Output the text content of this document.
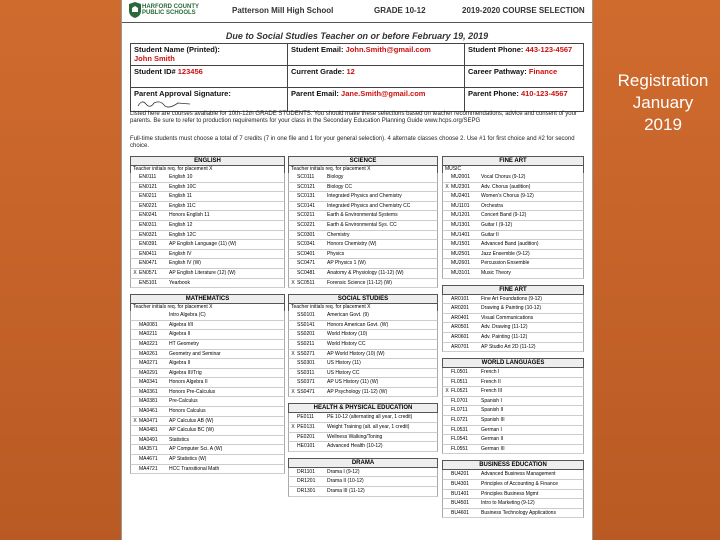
HARFORD COUNTY
PUBLIC SCHOOLS	Patterson Mill High School	GRADE 10-12	2019-2020 COURSE SELECTION
Due to Social Studies Teacher on or before February 19, 2019
Student Name (Printed):
John Smith	Student Email: John.Smith@gmail.com	Student Phone: 443-123-4567
Student ID# 123456	Current Grade: 12	Career Pathway: Finance

Parent Approval Signature:	Parent Email: Jane.Smith@gmail.com	Parent Phone: 410-123-4567
Listed here are courses available for 10th-12th GRADE STUDENTS. You should make these selections based on teacher recommendations, advice and consent of your parents. Be sure to refer to production requirements for your class in the Secondary Education Planning Guide www.hcps.org/SEPG
Full-time students must choose a total of 7 credits (7 in one file and 1 for your general selection). 4 alternate classes choose 2. Use #1 for first choice and #2 for second choice.
ENGLISH
Teacher initials req. for placement X
EN0111	English 10
EN0121	English 10C
EN0211	English 11
EN0221	English 11C
EN0241	Honors English 11
EN0311	English 12
EN0321	English 12C
EN0391	AP English Language (11) (W)
EN0411	English IV
EN0471	English IV (W)
X EN0571	AP English Literature (12) (W)
EN5101	Yearbook
MATHEMATICS
Teacher initials req. for placement X
Intro Algebra (C)
MA0081	Algebra I/II
MA0211	Algebra II
MA0221	HT Geometry
MA0261	Geometry and Seminar
MA0271	Algebra II
MA0291	Algebra III/Trig
MA0341	Honors Algebra II
MA0361	Honors Pre-Calculus
MA0381	Pre-Calculus
MA0461	Honors Calculus
X MA0471	AP Calculus AB (W)
MA0481	AP Calculus BC (W)
MA0491	Statistics
MA3571	AP Computer Sci. A (W)
MA4671	AP Statistics (W)
MA4721	HCC Transitional Math
SCIENCE
Teacher initials req. for placement X
SC0111	Biology
SC0121	Biology CC
SC0131	Integrated Physics and Chemistry
SC0141	Integrated Physics and Chemistry CC
SC0211	Earth & Environmental Systems
SC0221	Earth & Environmental Sys. CC
SC0301	Chemistry
SC0341	Honors Chemistry (W)
SC0401	Physics
SC0471	AP Physics 1 (W)
SC0481	Anatomy & Physiology (11-12) (W)
X SC0511	Forensic Science (11-12) (W)
SOCIAL STUDIES
Teacher initials req. for placement X
SS0101	American Govt. (9)
SS0141	Honors American Govt. (W)
SS0201	World History (10)
SS0211	World History CC
X SS0271	AP World History (10) (W)
SS0301	US History (11)
SS0311	US History CC
SS0371	AP US History (11) (W)
X SS0471	AP Psychology (11-12) (W)
HEALTH & PHYSICAL EDUCATION
PE0111	PE 10-12 (alternating all year, 1 credit)
X PE0131	Weight Training (alt. all year, 1 credit)
PE0201	Wellness Walking/Toning
HE0101	Advanced Health (10-12)
DRAMA
DR1101	Drama I (9-12)
DR1201	Drama II (10-12)
DR1301	Drama III (11-12)
FINE ART
MUSIC
MU2001	Vocal Chorus (9-12)
X MU2301	Adv. Chorus (audition)
MU2401	Women's Chorus (9-12)
MU1101	Orchestra
MU1201	Concert Band (9-12)
MU1301	Guitar I (9-12)
MU1401	Guitar II
MU1501	Advanced Band (audition)
MU2501	Jazz Ensemble (9-12)
MU2601	Percussion Ensemble
MU3101	Music Theory
FINE ART
AR0101	Fine Art Foundations (9-12)
AR0201	Drawing & Painting (10-12)
AR0401	Visual Communications
AR0501	Adv. Drawing (11-12)
AR0601	Adv. Painting (11-12)
AR0701	AP Studio Art 2D (11-12)
WORLD LANGUAGES
FL0501	French I
FL0511	French II
X FL0521	French III
FL0701	Spanish I
FL0711	Spanish II
FL0721	Spanish III
FL0531	German I
FL0541	German II
FL0551	German III
BUSINESS EDUCATION
BU4201	Advanced Business Management
BU4301	Principles of Accounting & Finance
BU1401	Principles Business Mgmt
BU4501	Intro to Marketing (9-12)
BU4601	Business Technology Applications
Registration
January
2019
